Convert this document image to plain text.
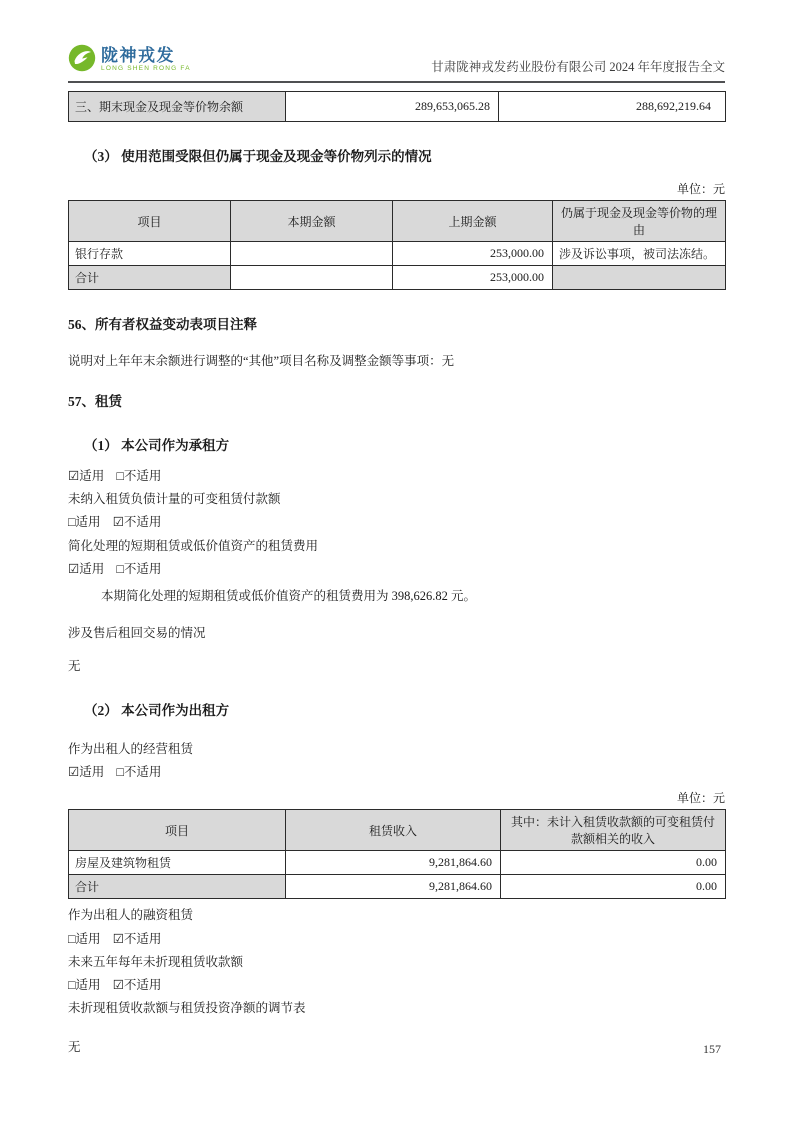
陇神戎发
LONG SHEN RONG FA	甘肃陇神戎发药业股份有限公司 2024 年年度报告全文
三、期末现金及现金等价物余额	289,653,065.28	288,692,219.64
（3） 使用范围受限但仍属于现金及现金等价物列示的情况
单位：元
项目	本期金额	上期金额	仍属于现金及现金等价物的理由
银行存款		253,000.00	涉及诉讼事项，被司法冻结。
合计		253,000.00	
56、所有者权益变动表项目注释
说明对上年年末余额进行调整的“其他”项目名称及调整金额等事项：无
57、租赁
（1） 本公司作为承租方
☑适用 □不适用
未纳入租赁负债计量的可变租赁付款额
□适用 ☑不适用
简化处理的短期租赁或低价值资产的租赁费用
☑适用 □不适用
本期简化处理的短期租赁或低价值资产的租赁费用为 398,626.82 元。
涉及售后租回交易的情况
无
（2） 本公司作为出租方
作为出租人的经营租赁
☑适用 □不适用
单位：元
项目	租赁收入	其中：未计入租赁收款额的可变租赁付款额相关的收入
房屋及建筑物租赁	9,281,864.60	0.00
合计	9,281,864.60	0.00
作为出租人的融资租赁
□适用 ☑不适用
未来五年每年未折现租赁收款额
□适用 ☑不适用
未折现租赁收款额与租赁投资净额的调节表
无	157
